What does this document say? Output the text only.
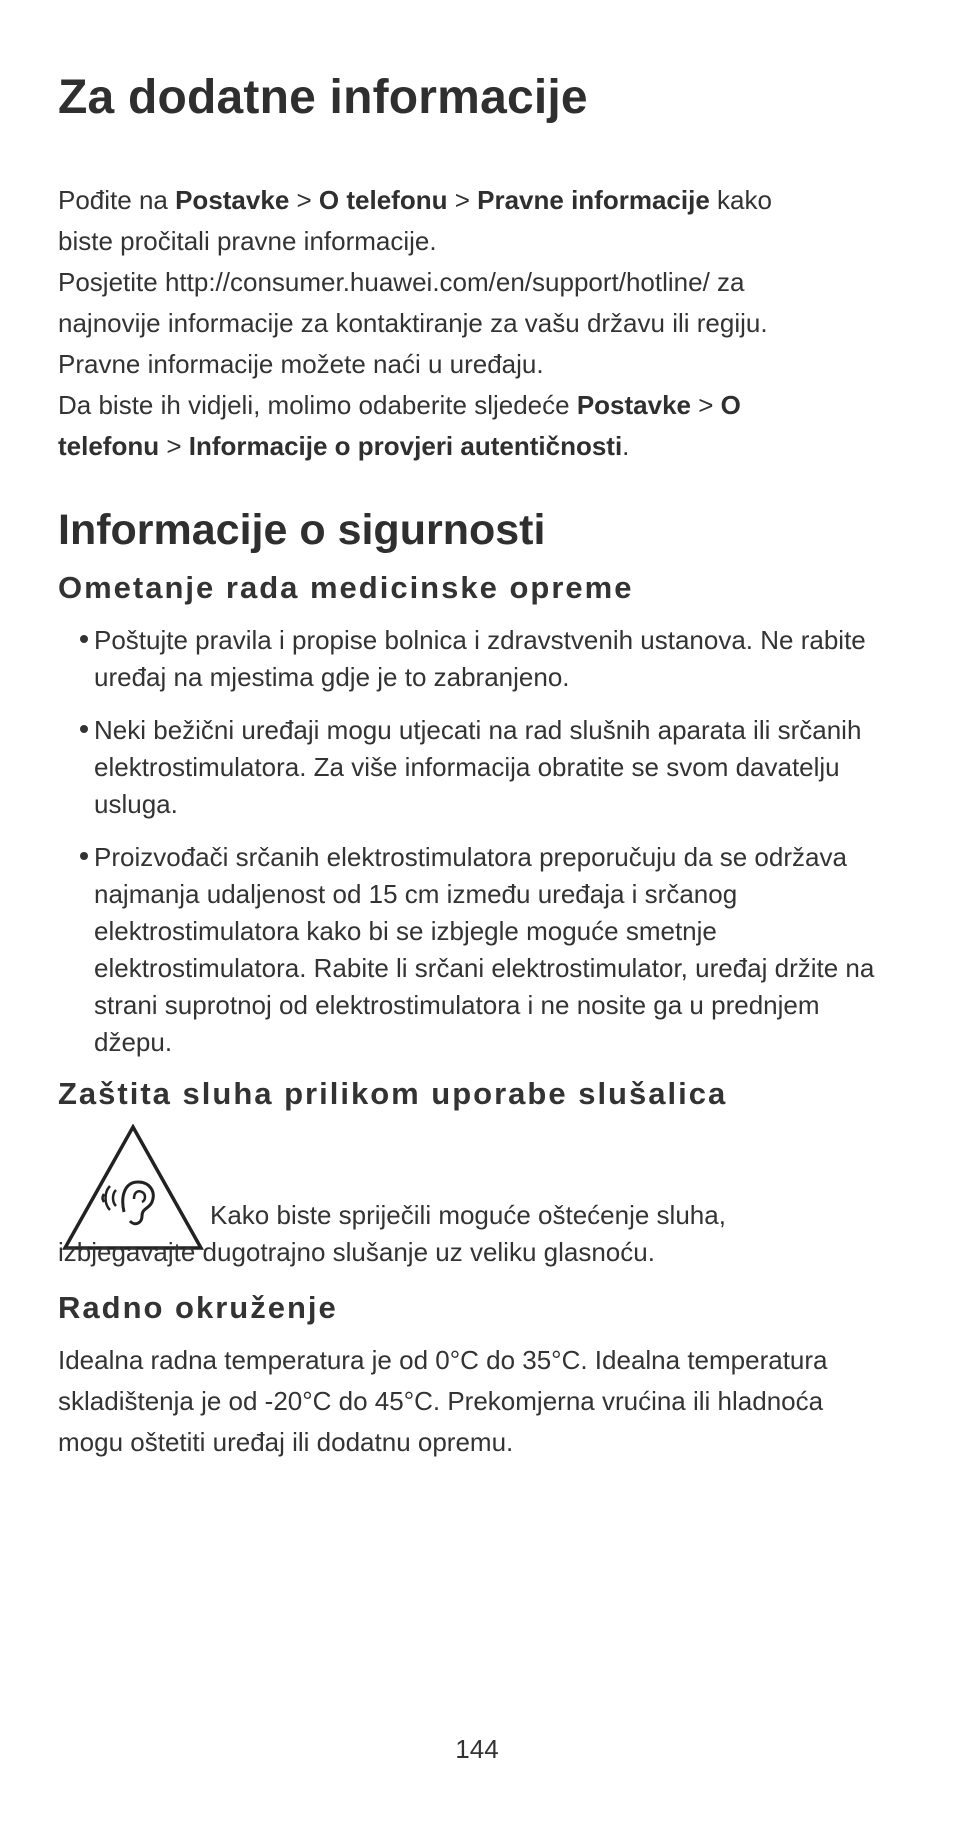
Za dodatne informacije
Pođite na Postavke > O telefonu > Pravne informacije kako
biste pročitali pravne informacije.
Posjetite http://consumer.huawei.com/en/support/hotline/ za
najnovije informacije za kontaktiranje za vašu državu ili regiju.
Pravne informacije možete naći u uređaju.
Da biste ih vidjeli, molimo odaberite sljedeće Postavke > O
telefonu > Informacije o provjeri autentičnosti.
Informacije o sigurnosti
Ometanje rada medicinske opreme
Poštujte pravila i propise bolnica i zdravstvenih ustanova. Ne rabite uređaj na mjestima gdje je to zabranjeno.
Neki bežični uređaji mogu utjecati na rad slušnih aparata ili srčanih elektrostimulatora. Za više informacija obratite se svom davatelju usluga.
Proizvođači srčanih elektrostimulatora preporučuju da se održava najmanja udaljenost od 15 cm između uređaja i srčanog elektrostimulatora kako bi se izbjegle moguće smetnje elektrostimulatora. Rabite li srčani elektrostimulator, uređaj držite na strani suprotnoj od elektrostimulatora i ne nosite ga u prednjem džepu.
Zaštita sluha prilikom uporabe slušalica
Kako biste spriječili moguće oštećenje sluha,
izbjegavajte dugotrajno slušanje uz veliku glasnoću.
Radno okruženje
Idealna radna temperatura je od 0°C do 35°C. Idealna temperatura skladištenja je od -20°C do 45°C. Prekomjerna vrućina ili hladnoća mogu oštetiti uređaj ili dodatnu opremu.
144
